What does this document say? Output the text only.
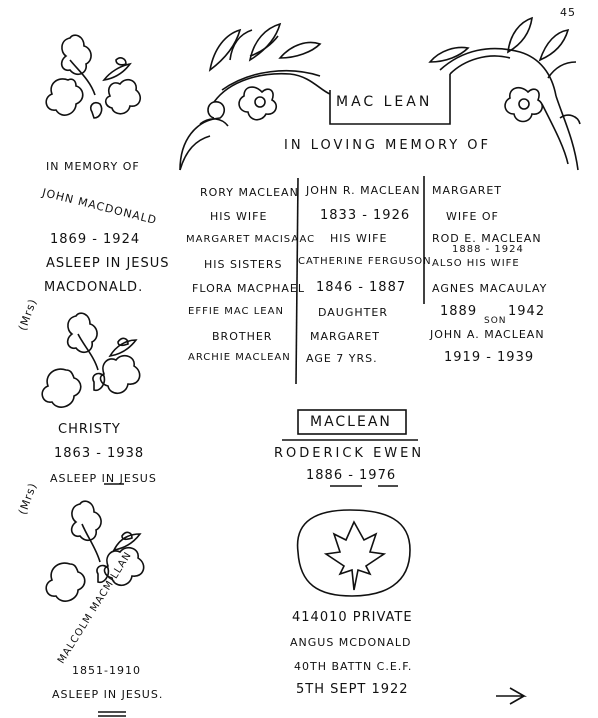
45
IN MEMORY OF
JOHN MACDONALD
1869 - 1924
ASLEEP IN JESUS
MACDONALD.
(Mrs)
CHRISTY
1863 - 1938
ASLEEP IN JESUS
(Mrs)
MALCOLM MACMILLAN
1851-1910
ASLEEP IN JESUS.
MAC LEAN
IN LOVING MEMORY OF
RORY MACLEAN
HIS WIFE
MARGARET MACISAAC
HIS SISTERS
FLORA MACPHAEL
EFFIE MAC LEAN
BROTHER
ARCHIE MACLEAN
JOHN R. MACLEAN
1833 - 1926
HIS WIFE
CATHERINE FERGUSON
1846 - 1887
DAUGHTER
MARGARET
AGE 7 YRS.
MARGARET
WIFE OF
ROD E. MACLEAN
1888 - 1924
ALSO HIS WIFE
AGNES MACAULAY
1889
SON
1942
JOHN A. MACLEAN
1919 - 1939
MACLEAN
RODERICK EWEN
1886 - 1976
414010 PRIVATE
ANGUS MCDONALD
40TH BATTN C.E.F.
5TH SEPT 1922
